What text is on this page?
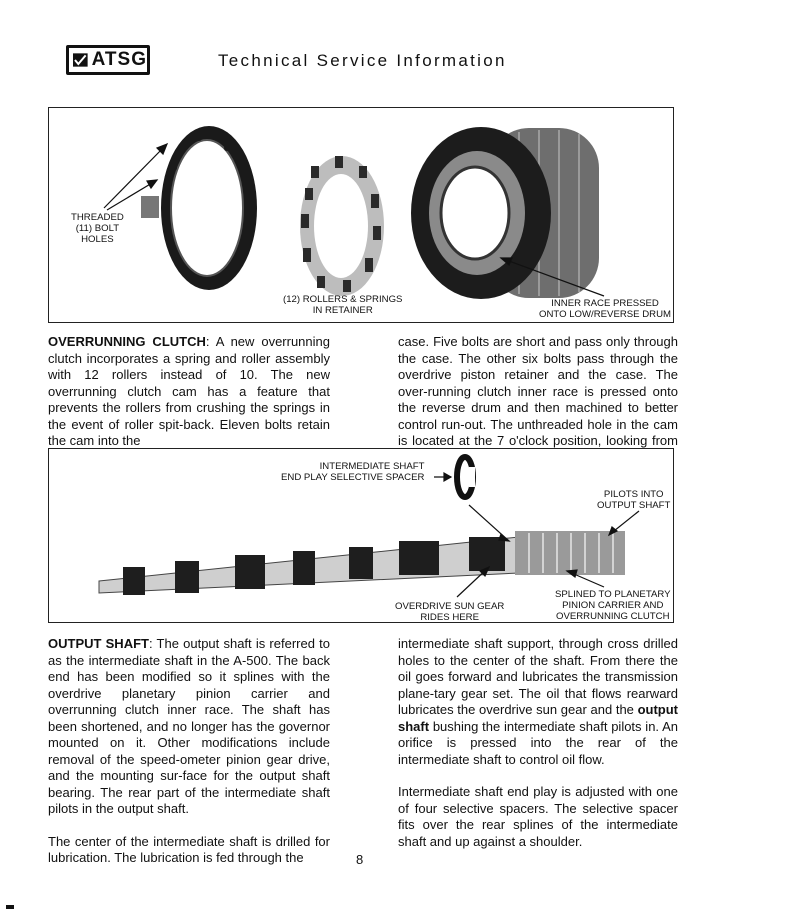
ATSG	Technical Service Information
THREADED
(11) BOLT
HOLES
(12) ROLLERS & SPRINGS
IN RETAINER
INNER RACE PRESSED
ONTO LOW/REVERSE DRUM

OVERRUNNING CLUTCH: A new overrunning clutch incorporates a spring and roller assembly with 12 rollers instead of 10. The new overrunning clutch cam has a feature that prevents the rollers from crushing the springs in the event of roller spit-back. Eleven bolts retain the cam into the

case. Five bolts are short and pass only through the case. The other six bolts pass through the overdrive piston retainer and the case. The over-running clutch inner race is pressed onto the reverse drum and then machined to better control run-out. The unthreaded hole in the cam is located at the 7 o'clock position, looking from

INTERMEDIATE SHAFT
END PLAY SELECTIVE SPACER
PILOTS INTO
OUTPUT SHAFT
OVERDRIVE SUN GEAR
RIDES HERE
SPLINED TO PLANETARY
PINION CARRIER AND
OVERRUNNING CLUTCH

OUTPUT SHAFT: The output shaft is referred to as the intermediate shaft in the A-500. The back end has been modified so it splines with the overdrive planetary pinion carrier and overrunning clutch inner race. The shaft has been shortened, and no longer has the governor mounted on it. Other modifications include removal of the speed-ometer pinion gear drive, and the mounting sur-face for the output shaft bearing. The rear part of the intermediate shaft pilots in the output shaft.

The center of the intermediate shaft is drilled for lubrication. The lubrication is fed through the

intermediate shaft support, through cross drilled holes to the center of the shaft. From there the oil goes forward and lubricates the transmission plane-tary gear set. The oil that flows rearward lubricates the overdrive sun gear and the output shaft bushing the intermediate shaft pilots in. An orifice is pressed into the rear of the intermediate shaft to control oil flow.

Intermediate shaft end play is adjusted with one of four selective spacers. The selective spacer fits over the rear splines of the intermediate shaft and up against a shoulder.

8
